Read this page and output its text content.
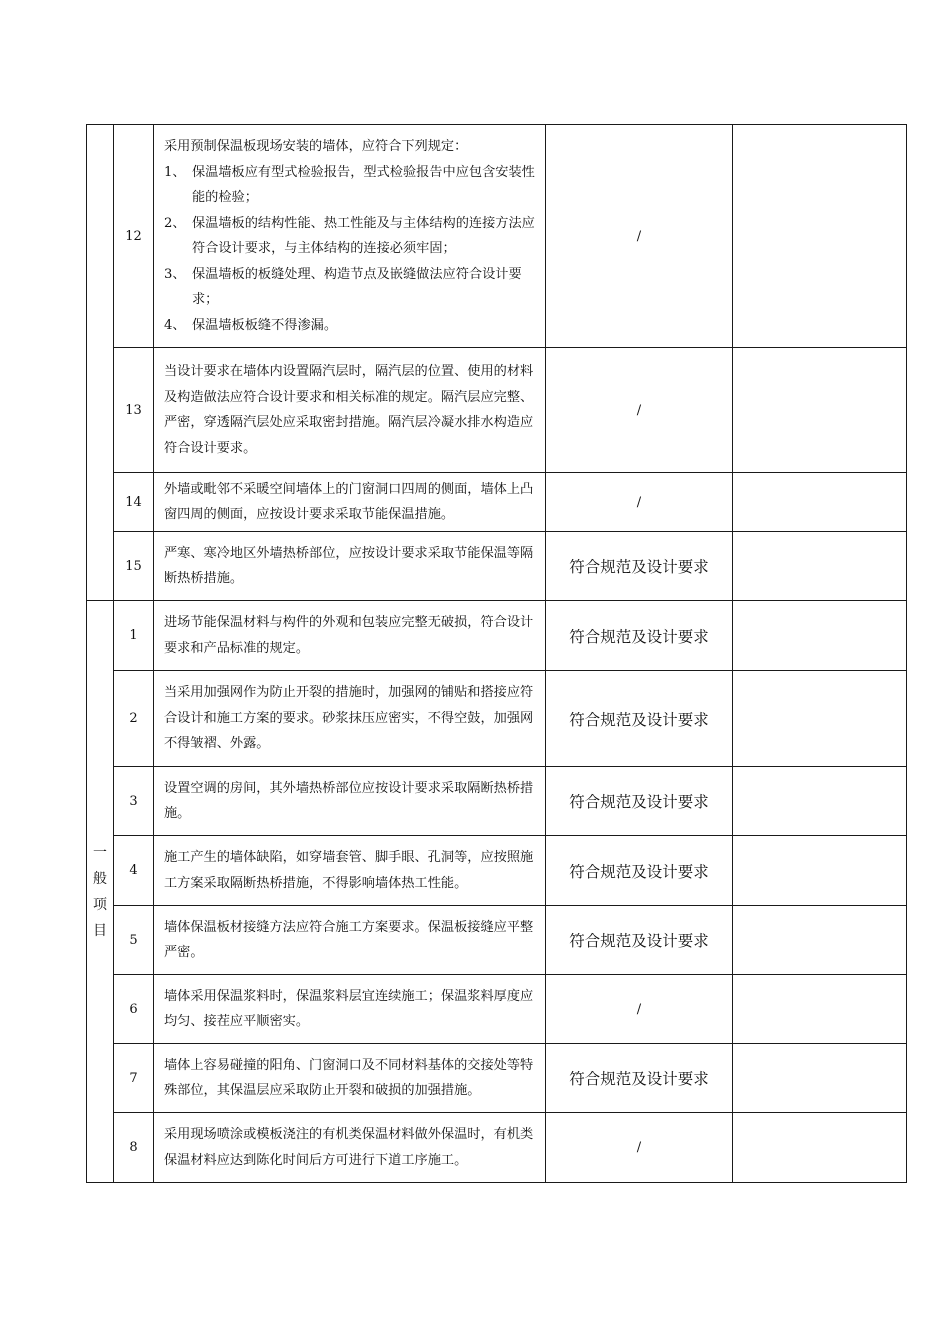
	12	采用预制保温板现场安装的墙体，应符合下列规定：
1、 保温墙板应有型式检验报告，型式检验报告中应包含安装性能的检验；
2、 保温墙板的结构性能、热工性能及与主体结构的连接方法应符合设计要求，与主体结构的连接必须牢固；
3、 保温墙板的板缝处理、构造节点及嵌缝做法应符合设计要求；
4、 保温墙板板缝不得渗漏。	/	
	13	当设计要求在墙体内设置隔汽层时，隔汽层的位置、使用的材料及构造做法应符合设计要求和相关标准的规定。隔汽层应完整、严密，穿透隔汽层处应采取密封措施。隔汽层冷凝水排水构造应符合设计要求。	/	
	14	外墙或毗邻不采暖空间墙体上的门窗洞口四周的侧面，墙体上凸窗四周的侧面，应按设计要求采取节能保温措施。	/	
	15	严寒、寒冷地区外墙热桥部位，应按设计要求采取节能保温等隔断热桥措施。	符合规范及设计要求	

一
般
项
目	1	进场节能保温材料与构件的外观和包装应完整无破损，符合设计要求和产品标准的规定。	符合规范及设计要求	
	2	当采用加强网作为防止开裂的措施时，加强网的铺贴和搭接应符合设计和施工方案的要求。砂浆抹压应密实，不得空鼓，加强网不得皱褶、外露。	符合规范及设计要求	
	3	设置空调的房间，其外墙热桥部位应按设计要求采取隔断热桥措施。	符合规范及设计要求	
	4	施工产生的墙体缺陷，如穿墙套管、脚手眼、孔洞等，应按照施工方案采取隔断热桥措施，不得影响墙体热工性能。	符合规范及设计要求	
	5	墙体保温板材接缝方法应符合施工方案要求。保温板接缝应平整严密。	符合规范及设计要求	
	6	墙体采用保温浆料时，保温浆料层宜连续施工；保温浆料厚度应均匀、接茬应平顺密实。	/	
	7	墙体上容易碰撞的阳角、门窗洞口及不同材料基体的交接处等特殊部位，其保温层应采取防止开裂和破损的加强措施。	符合规范及设计要求	
	8	采用现场喷涂或模板浇注的有机类保温材料做外保温时，有机类保温材料应达到陈化时间后方可进行下道工序施工。	/	
